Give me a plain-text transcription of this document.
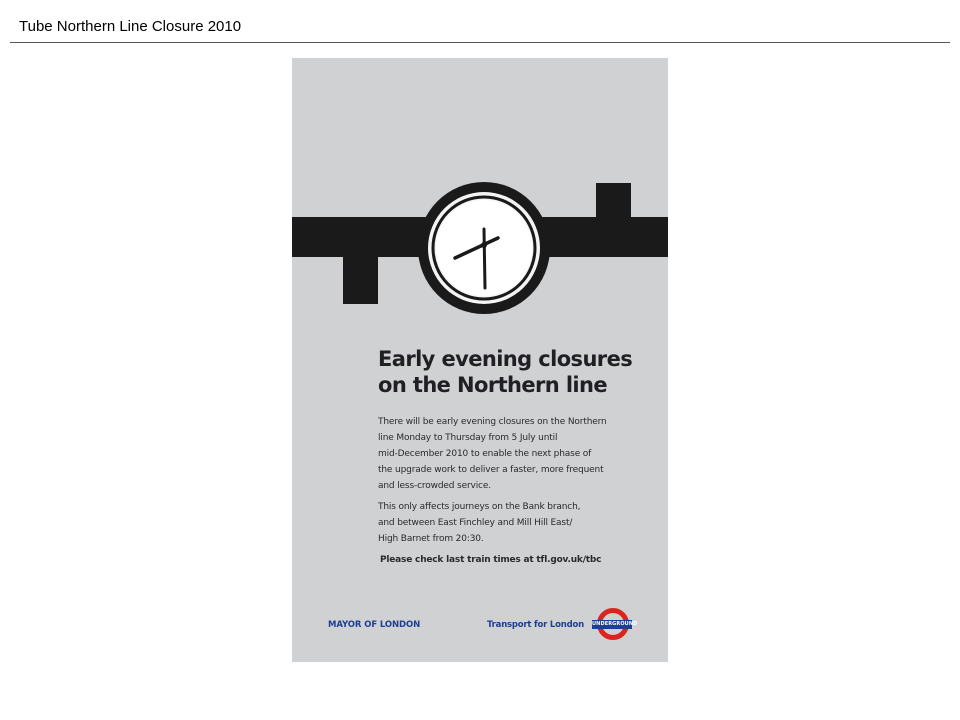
Tube Northern Line Closure 2010
Early evening closures
on the Northern line
There will be early evening closures on the Northern
line Monday to Thursday from 5 July until
mid-December 2010 to enable the next phase of
the upgrade work to deliver a faster, more frequent
and less-crowded service.
This only affects journeys on the Bank branch,
and between East Finchley and Mill Hill East/
High Barnet from 20:30.
Please check last train times at tfl.gov.uk/tbc
MAYOR OF LONDON	Transport for London UNDERGROUND
